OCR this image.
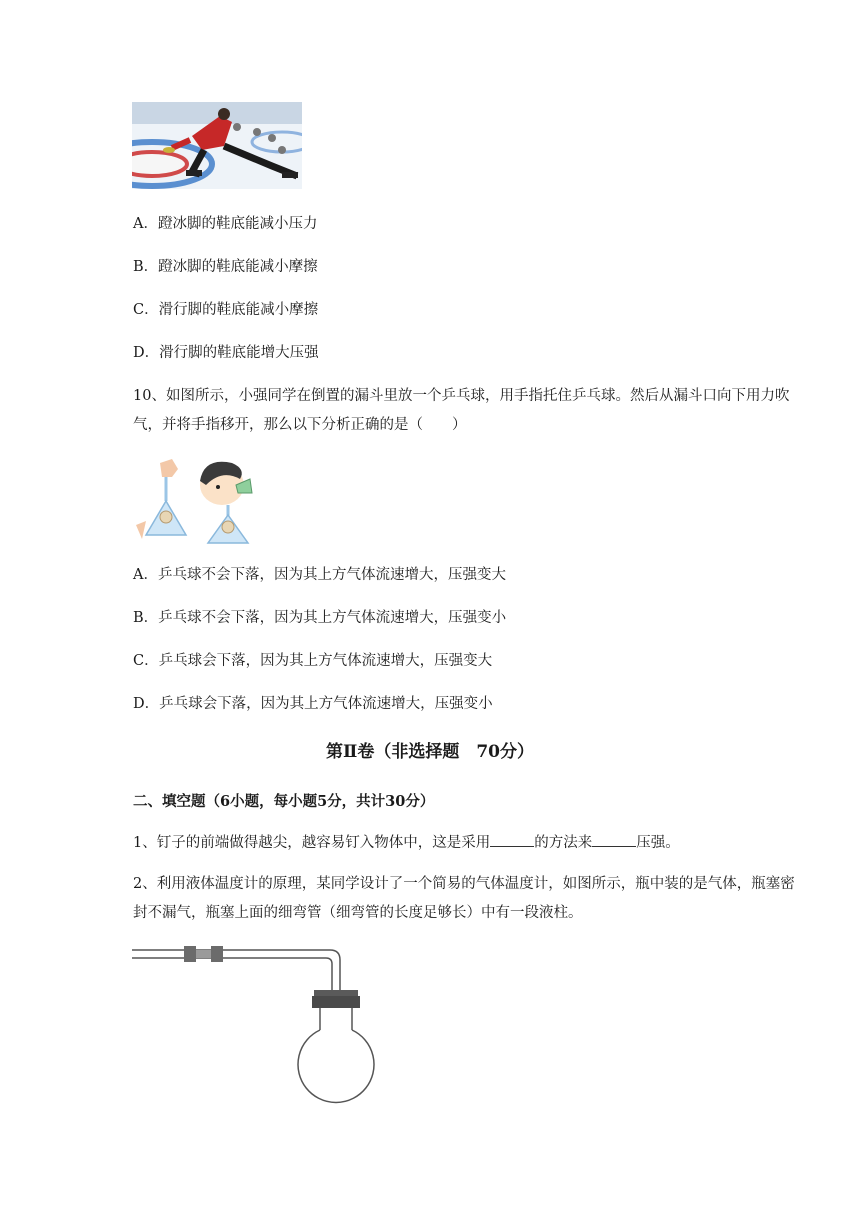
A．蹬冰脚的鞋底能减小压力
B．蹬冰脚的鞋底能减小摩擦
C．滑行脚的鞋底能减小摩擦
D．滑行脚的鞋底能增大压强
10、如图所示，小强同学在倒置的漏斗里放一个乒乓球，用手指托住乒乓球。然后从漏斗口向下用力吹气，并将手指移开，那么以下分析正确的是（　　）
A．乒乓球不会下落，因为其上方气体流速增大，压强变大
B．乒乓球不会下落，因为其上方气体流速增大，压强变小
C．乒乓球会下落，因为其上方气体流速增大，压强变大
D．乒乓球会下落，因为其上方气体流速增大，压强变小
第Ⅱ卷（非选择题　70分）
二、填空题（6小题，每小题5分，共计30分）
1、钉子的前端做得越尖，越容易钉入物体中，这是采用	的方法来	压强。
2、利用液体温度计的原理，某同学设计了一个简易的气体温度计，如图所示，瓶中装的是气体，瓶塞密封不漏气，瓶塞上面的细弯管（细弯管的长度足够长）中有一段液柱。
